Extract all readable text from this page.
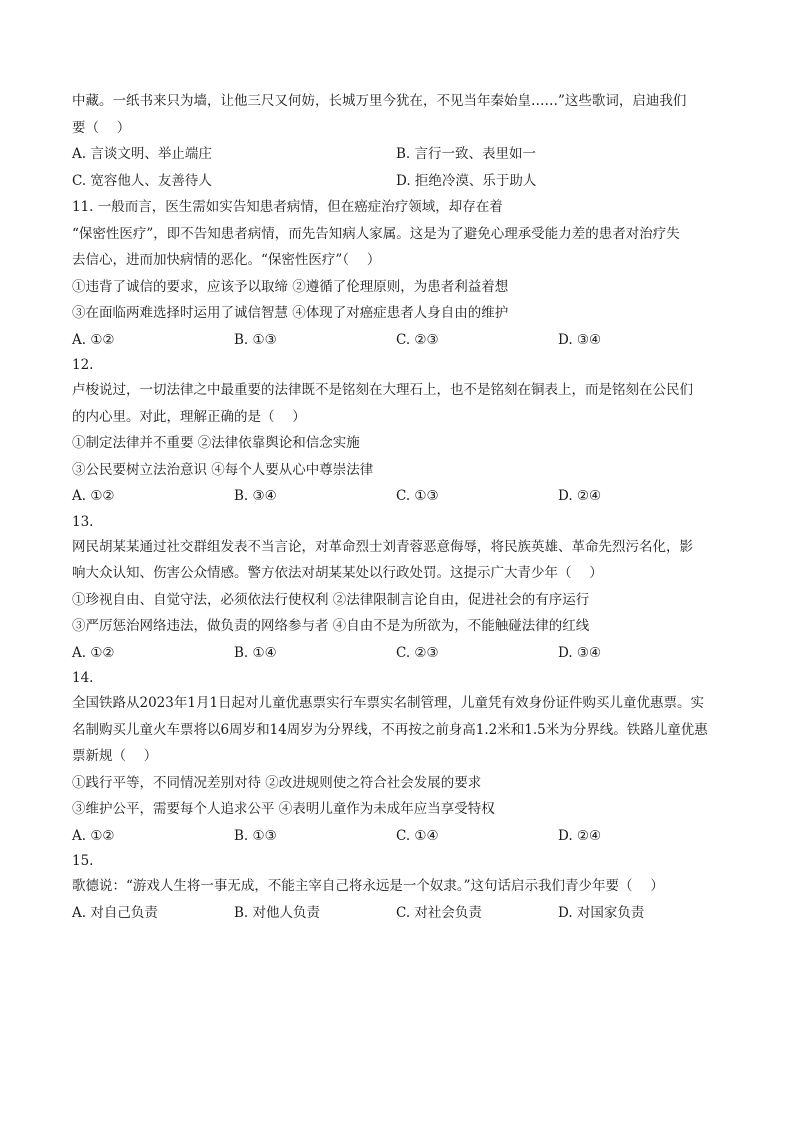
中藏。一纸书来只为墙，让他三尺又何妨，长城万里今犹在，不见当年秦始皇……”这些歌词，启迪我们
要（　 ）
A. 言谈文明、举止端庄	B. 言行一致、表里如一
C. 宽容他人、友善待人	D. 拒绝冷漠、乐于助人
11. 一般而言，医生需如实告知患者病情，但在癌症治疗领域，却存在着
“保密性医疗”，即不告知患者病情，而先告知病人家属。这是为了避免心理承受能力差的患者对治疗失
去信心，进而加快病情的恶化。“保密性医疗”（　 ）
①违背了诚信的要求，应该予以取缔 ②遵循了伦理原则，为患者利益着想
③在面临两难选择时运用了诚信智慧 ④体现了对癌症患者人身自由的维护
A. ①②	B. ①③	C. ②③	D. ③④
12.
卢梭说过，一切法律之中最重要的法律既不是铭刻在大理石上，也不是铭刻在铜表上，而是铭刻在公民们
的内心里。对此，理解正确的是（　 ）
①制定法律并不重要 ②法律依靠舆论和信念实施
③公民要树立法治意识 ④每个人要从心中尊崇法律
A. ①②	B. ③④	C. ①③	D. ②④
13.
网民胡某某通过社交群组发表不当言论，对革命烈士刘青蓉恶意侮辱，将民族英雄、革命先烈污名化，影
响大众认知、伤害公众情感。警方依法对胡某某处以行政处罚。这提示广大青少年（　 ）
①珍视自由、自觉守法，必须依法行使权利 ②法律限制言论自由，促进社会的有序运行
③严厉惩治网络违法，做负责的网络参与者 ④自由不是为所欲为，不能触碰法律的红线
A. ①②	B. ①④	C. ②③	D. ③④
14.
全国铁路从2023年1月1日起对儿童优惠票实行车票实名制管理，儿童凭有效身份证件购买儿童优惠票。实
名制购买儿童火车票将以6周岁和14周岁为分界线，不再按之前身高1.2米和1.5米为分界线。铁路儿童优惠
票新规（　 ）
①践行平等，不同情况差别对待 ②改进规则使之符合社会发展的要求
③维护公平，需要每个人追求公平 ④表明儿童作为未成年应当享受特权
A. ①②	B. ①③	C. ①④	D. ②④
15.
歌德说：“游戏人生将一事无成，不能主宰自己将永远是一个奴隶。”这句话启示我们青少年要（　 ）
A. 对自己负责	B. 对他人负责	C. 对社会负责	D. 对国家负责
